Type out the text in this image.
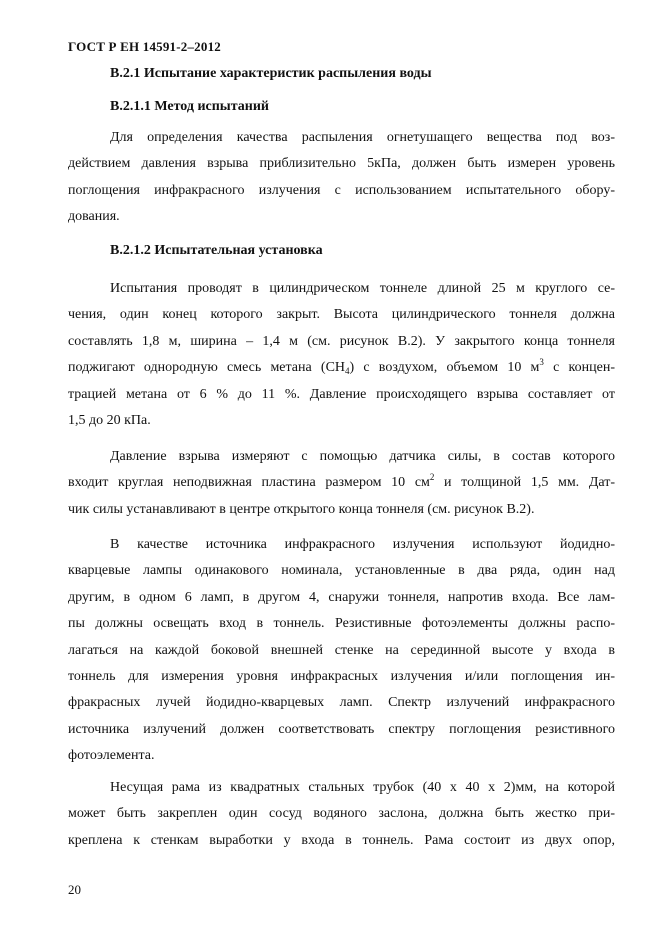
ГОСТ Р ЕН 14591-2–2012
В.2.1 Испытание характеристик распыления воды
В.2.1.1 Метод испытаний
Для определения качества распыления огнетушащего вещества под воз-
действием давления взрыва приблизительно 5кПа, должен быть измерен уровень
поглощения инфракрасного излучения с использованием испытательного обору-
дования.
В.2.1.2 Испытательная установка
Испытания проводят в цилиндрическом тоннеле длиной 25 м круглого се-
чения, один конец которого закрыт. Высота цилиндрического тоннеля должна
составлять 1,8 м, ширина – 1,4 м (см. рисунок В.2). У закрытого конца тоннеля
поджигают однородную смесь метана $(CH_4)$ с воздухом, объемом 10 $м^3$ с концен-
трацией метана от 6 % до 11 %. Давление происходящего взрыва составляет от
1,5 до 20 кПа.
Давление взрыва измеряют с помощью датчика силы, в состав которого
входит круглая неподвижная пластина размером 10 $см^2$ и толщиной 1,5 мм. Дат-
чик силы устанавливают в центре открытого конца тоннеля (см. рисунок В.2).
В качестве источника инфракрасного излучения используют йодидно-
кварцевые лампы одинакового номинала, установленные в два ряда, один над
другим, в одном 6 ламп, в другом 4, снаружи тоннеля, напротив входа. Все лам-
пы должны освещать вход в тоннель. Резистивные фотоэлементы должны распо-
лагаться на каждой боковой внешней стенке на серединной высоте у входа в
тоннель для измерения уровня инфракрасных излучения и/или поглощения ин-
фракрасных лучей йодидно-кварцевых ламп. Спектр излучений инфракрасного
источника излучений должен соответствовать спектру поглощения резистивного
фотоэлемента.
Несущая рама из квадратных стальных трубок (40 х 40 х 2)мм, на которой
может быть закреплен один сосуд водяного заслона, должна быть жестко при-
креплена к стенкам выработки у входа в тоннель. Рама состоит из двух опор,
20
